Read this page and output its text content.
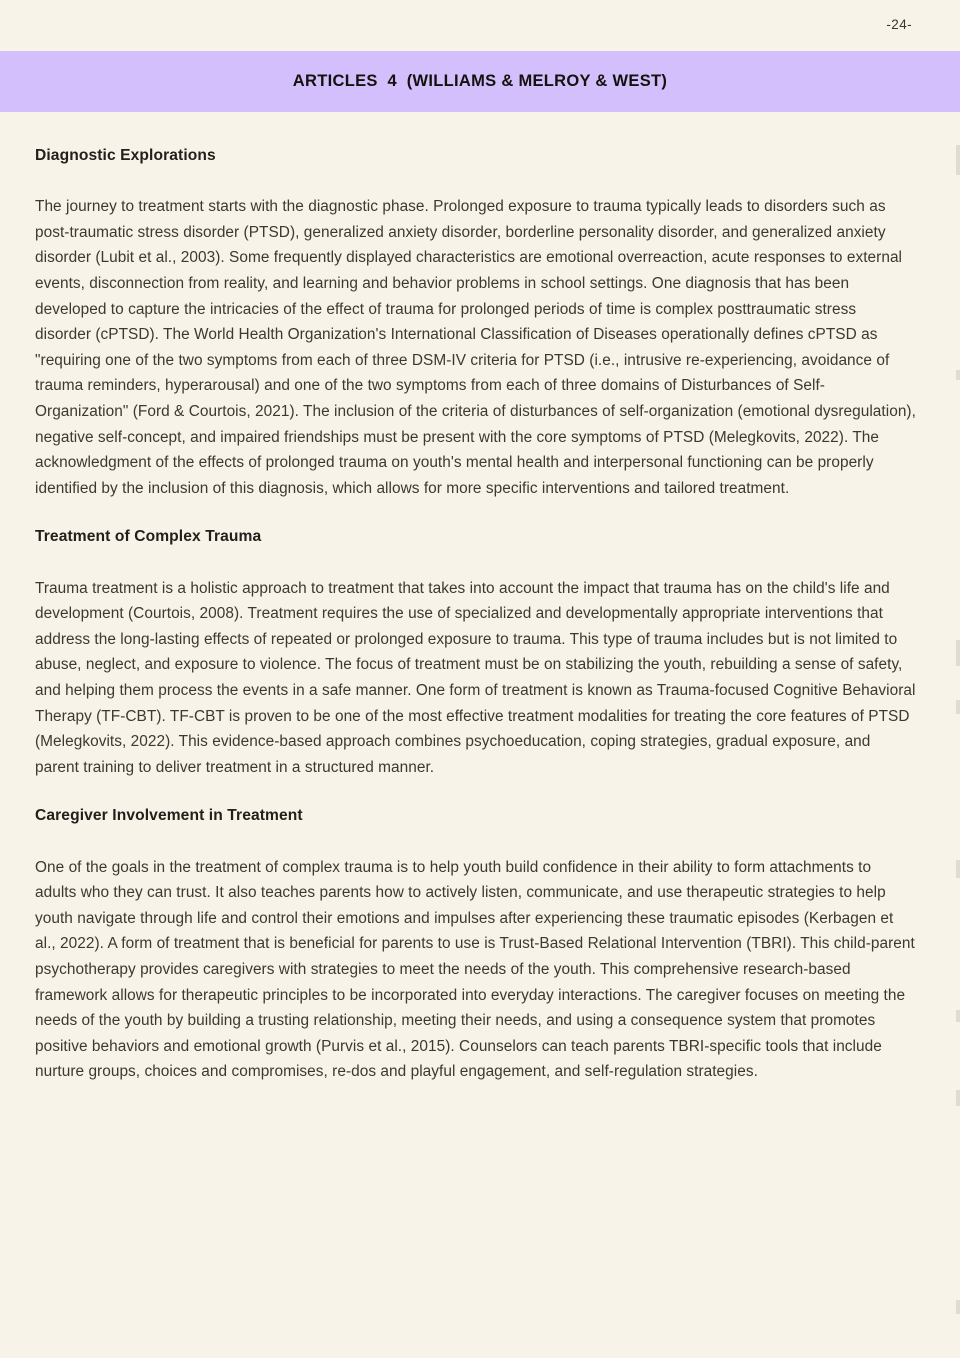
-24-
ARTICLES  4  (WILLIAMS & MELROY & WEST)
Diagnostic Explorations

The journey to treatment starts with the diagnostic phase. Prolonged exposure to trauma typically leads to disorders such as post-traumatic stress disorder (PTSD), generalized anxiety disorder, borderline personality disorder, and generalized anxiety disorder (Lubit et al., 2003). Some frequently displayed characteristics are emotional overreaction, acute responses to external events, disconnection from reality, and learning and behavior problems in school settings. One diagnosis that has been developed to capture the intricacies of the effect of trauma for prolonged periods of time is complex posttraumatic stress disorder (cPTSD). The World Health Organization's International Classification of Diseases operationally defines cPTSD as "requiring one of the two symptoms from each of three DSM-IV criteria for PTSD (i.e., intrusive re-experiencing, avoidance of trauma reminders, hyperarousal) and one of the two symptoms from each of three domains of Disturbances of Self-Organization" (Ford & Courtois, 2021). The inclusion of the criteria of disturbances of self-organization (emotional dysregulation), negative self-concept, and impaired friendships must be present with the core symptoms of PTSD (Melegkovits, 2022). The acknowledgment of the effects of prolonged trauma on youth's mental health and interpersonal functioning can be properly identified by the inclusion of this diagnosis, which allows for more specific interventions and tailored treatment.

Treatment of Complex Trauma

Trauma treatment is a holistic approach to treatment that takes into account the impact that trauma has on the child's life and development (Courtois, 2008). Treatment requires the use of specialized and developmentally appropriate interventions that address the long-lasting effects of repeated or prolonged exposure to trauma. This type of trauma includes but is not limited to abuse, neglect, and exposure to violence. The focus of treatment must be on stabilizing the youth, rebuilding a sense of safety, and helping them process the events in a safe manner. One form of treatment is known as Trauma-focused Cognitive Behavioral Therapy (TF-CBT). TF-CBT is proven to be one of the most effective treatment modalities for treating the core features of PTSD (Melegkovits, 2022). This evidence-based approach combines psychoeducation, coping strategies, gradual exposure, and parent training to deliver treatment in a structured manner.

Caregiver Involvement in Treatment

One of the goals in the treatment of complex trauma is to help youth build confidence in their ability to form attachments to adults who they can trust. It also teaches parents how to actively listen, communicate, and use therapeutic strategies to help youth navigate through life and control their emotions and impulses after experiencing these traumatic episodes (Kerbagen et al., 2022). A form of treatment that is beneficial for parents to use is Trust-Based Relational Intervention (TBRI). This child-parent psychotherapy provides caregivers with strategies to meet the needs of the youth. This comprehensive research-based framework allows for therapeutic principles to be incorporated into everyday interactions. The caregiver focuses on meeting the needs of the youth by building a trusting relationship, meeting their needs, and using a consequence system that promotes positive behaviors and emotional growth (Purvis et al., 2015). Counselors can teach parents TBRI-specific tools that include nurture groups, choices and compromises, re-dos and playful engagement, and self-regulation strategies.
